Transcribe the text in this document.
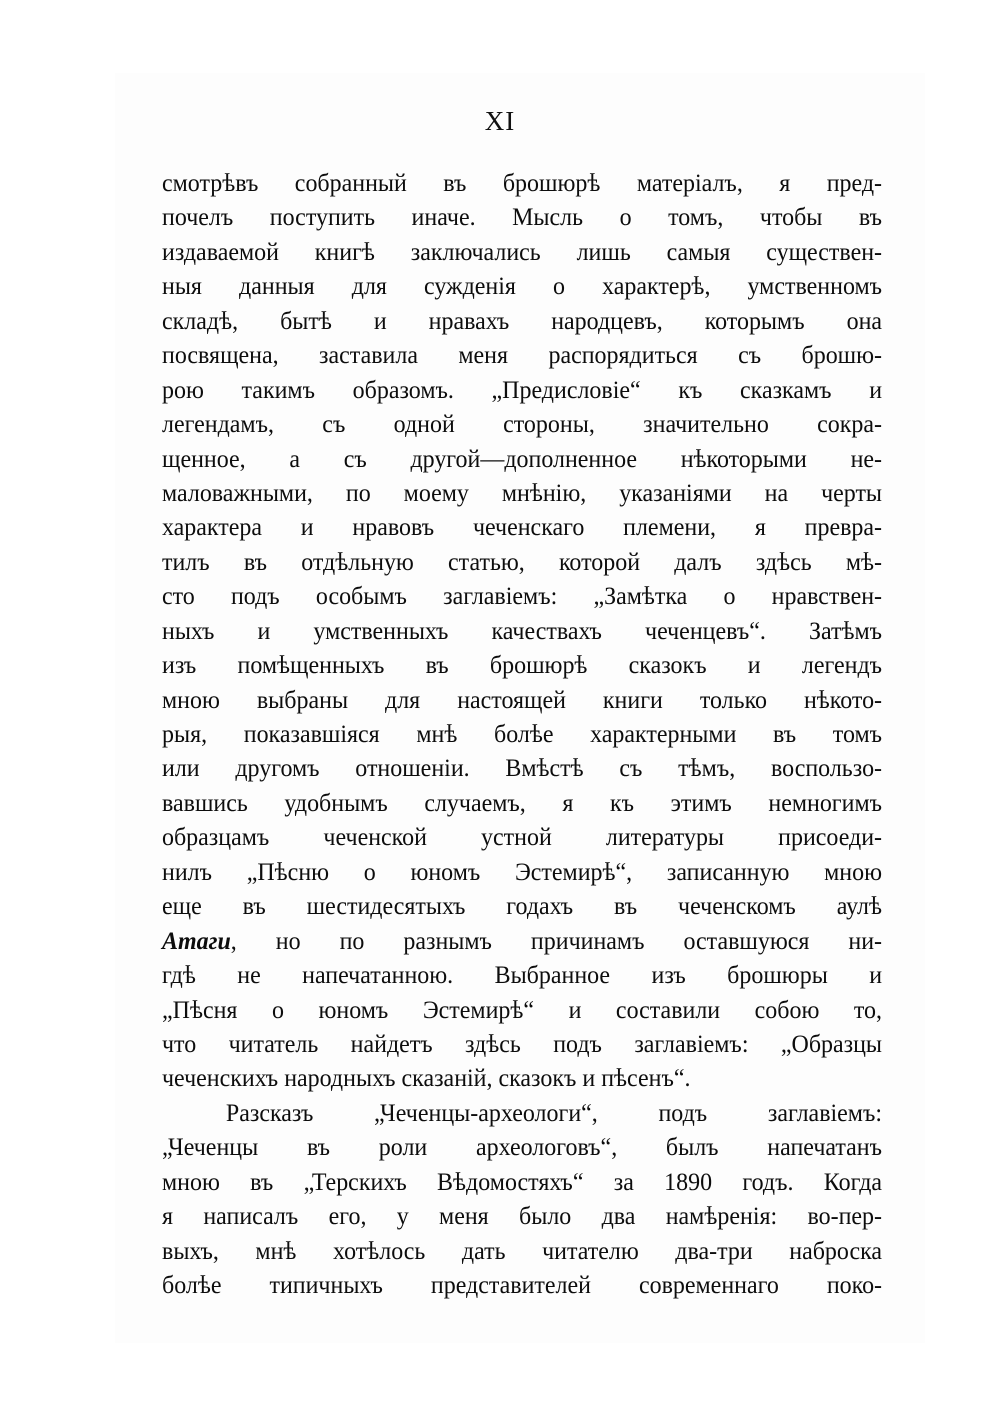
XI
смотрѣвъ собранный въ брошюрѣ матеріалъ, я пред-
почелъ поступить иначе. Мысль о томъ, чтобы въ
издаваемой книгѣ заключались лишь самыя существен-
ныя данныя для сужденія о характерѣ, умственномъ
складѣ, бытѣ и нравахъ народцевъ, которымъ она
посвящена, заставила меня распорядиться съ брошю-
рою такимъ образомъ. „Предисловіе“ къ сказкамъ и
легендамъ, съ одной стороны, значительно сокра-
щенное, а съ другой—дополненное нѣкоторыми не-
маловажными, по моему мнѣнію, указаніями на черты
характера и нравовъ чеченскаго племени, я превра-
тилъ въ отдѣльную статью, которой далъ здѣсь мѣ-
сто подъ особымъ заглавіемъ: „Замѣтка о нравствен-
ныхъ и умственныхъ качествахъ чеченцевъ“. Затѣмъ
изъ помѣщенныхъ въ брошюрѣ сказокъ и легендъ
мною выбраны для настоящей книги только нѣкото-
рыя, показавшіяся мнѣ болѣе характерными въ томъ
или другомъ отношеніи. Вмѣстѣ съ тѣмъ, воспользо-
вавшись удобнымъ случаемъ, я къ этимъ немногимъ
образцамъ чеченской устной литературы присоеди-
нилъ „Пѣсню о юномъ Эстемирѣ“, записанную мною
еще въ шестидесятыхъ годахъ въ чеченскомъ аулѣ
Атаги, но по разнымъ причинамъ оставшуюся ни-
гдѣ не напечатанною. Выбранное изъ брошюры и
„Пѣсня о юномъ Эстемирѣ“ и составили собою то,
что читатель найдетъ здѣсь подъ заглавіемъ: „Образцы
чеченскихъ народныхъ сказаній, сказокъ и пѣсенъ“.
Разсказъ „Чеченцы-археологи“, подъ заглавіемъ:
„Чеченцы въ роли археологовъ“, былъ напечатанъ
мною въ „Терскихъ Вѣдомостяхъ“ за 1890 годъ. Когда
я написалъ его, у меня было два намѣренія: во-пер-
выхъ, мнѣ хотѣлось дать читателю два-три наброска
болѣе типичныхъ представителей современнаго поко-
